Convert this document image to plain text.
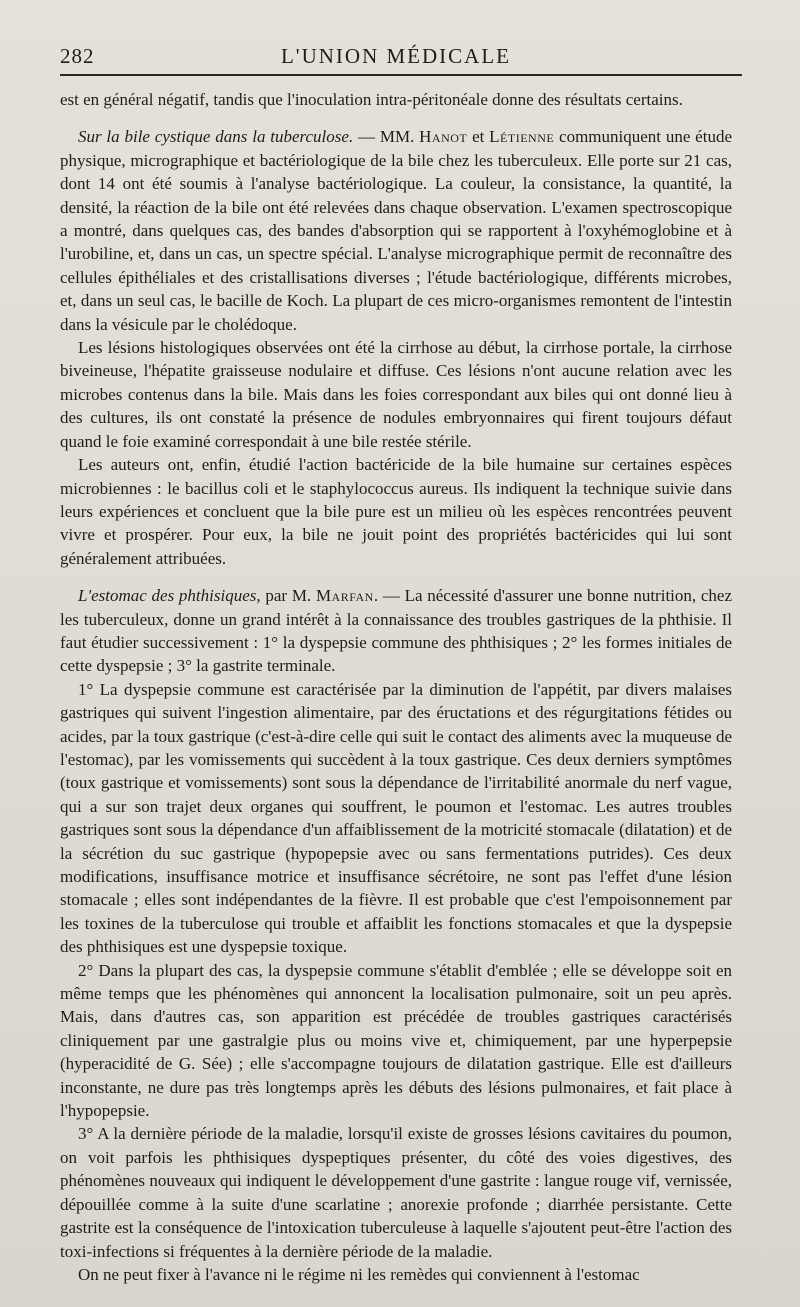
282	L'UNION MÉDICALE

est en général négatif, tandis que l'inoculation intra-péritonéale donne des résultats certains.

Sur la bile cystique dans la tuberculose. — MM. Hanot et Létienne communiquent une étude physique, micrographique et bactériologique de la bile chez les tuberculeux. Elle porte sur 21 cas, dont 14 ont été soumis à l'analyse bactériologique. La couleur, la consistance, la quantité, la densité, la réaction de la bile ont été relevées dans chaque observation. L'examen spectroscopique a montré, dans quelques cas, des bandes d'absorption qui se rapportent à l'oxyhémoglobine et à l'urobiline, et, dans un cas, un spectre spécial. L'analyse micrographique permit de reconnaître des cellules épithéliales et des cristallisations diverses ; l'étude bactériologique, différents microbes, et, dans un seul cas, le bacille de Koch. La plupart de ces micro-organismes remontent de l'intestin dans la vésicule par le cholédoque.

Les lésions histologiques observées ont été la cirrhose au début, la cirrhose portale, la cirrhose biveineuse, l'hépatite graisseuse nodulaire et diffuse. Ces lésions n'ont aucune relation avec les microbes contenus dans la bile. Mais dans les foies correspondant aux biles qui ont donné lieu à des cultures, ils ont constaté la présence de nodules embryonnaires qui firent toujours défaut quand le foie examiné correspondait à une bile restée stérile.

Les auteurs ont, enfin, étudié l'action bactéricide de la bile humaine sur certaines espèces microbiennes : le bacillus coli et le staphylococcus aureus. Ils indiquent la technique suivie dans leurs expériences et concluent que la bile pure est un milieu où les espèces rencontrées peuvent vivre et prospérer. Pour eux, la bile ne jouit point des propriétés bactéricides qui lui sont généralement attribuées.

L'estomac des phthisiques, par M. Marfan. — La nécessité d'assurer une bonne nutrition, chez les tuberculeux, donne un grand intérêt à la connaissance des troubles gastriques de la phthisie. Il faut étudier successivement : 1° la dyspepsie commune des phthisiques ; 2° les formes initiales de cette dyspepsie ; 3° la gastrite terminale.

1° La dyspepsie commune est caractérisée par la diminution de l'appétit, par divers malaises gastriques qui suivent l'ingestion alimentaire, par des éructations et des régurgitations fétides ou acides, par la toux gastrique (c'est-à-dire celle qui suit le contact des aliments avec la muqueuse de l'estomac), par les vomissements qui succèdent à la toux gastrique. Ces deux derniers symptômes (toux gastrique et vomissements) sont sous la dépendance de l'irritabilité anormale du nerf vague, qui a sur son trajet deux organes qui souffrent, le poumon et l'estomac. Les autres troubles gastriques sont sous la dépendance d'un affaiblissement de la motricité stomacale (dilatation) et de la sécrétion du suc gastrique (hypopepsie avec ou sans fermentations putrides). Ces deux modifications, insuffisance motrice et insuffisance sécrétoire, ne sont pas l'effet d'une lésion stomacale ; elles sont indépendantes de la fièvre. Il est probable que c'est l'empoisonnement par les toxines de la tuberculose qui trouble et affaiblit les fonctions stomacales et que la dyspepsie des phthisiques est une dyspepsie toxique.

2° Dans la plupart des cas, la dyspepsie commune s'établit d'emblée ; elle se développe soit en même temps que les phénomènes qui annoncent la localisation pulmonaire, soit un peu après. Mais, dans d'autres cas, son apparition est précédée de troubles gastriques caractérisés cliniquement par une gastralgie plus ou moins vive et, chimiquement, par une hyperpepsie (hyperacidité de G. Sée) ; elle s'accompagne toujours de dilatation gastrique. Elle est d'ailleurs inconstante, ne dure pas très longtemps après les débuts des lésions pulmonaires, et fait place à l'hypopepsie.

3° A la dernière période de la maladie, lorsqu'il existe de grosses lésions cavitaires du poumon, on voit parfois les phthisiques dyspeptiques présenter, du côté des voies digestives, des phénomènes nouveaux qui indiquent le développement d'une gastrite : langue rouge vif, vernissée, dépouillée comme à la suite d'une scarlatine ; anorexie profonde ; diarrhée persistante. Cette gastrite est la conséquence de l'intoxication tuberculeuse à laquelle s'ajoutent peut-être l'action des toxi-infections si fréquentes à la dernière période de la maladie.

On ne peut fixer à l'avance ni le régime ni les remèdes qui conviennent à l'estomac
